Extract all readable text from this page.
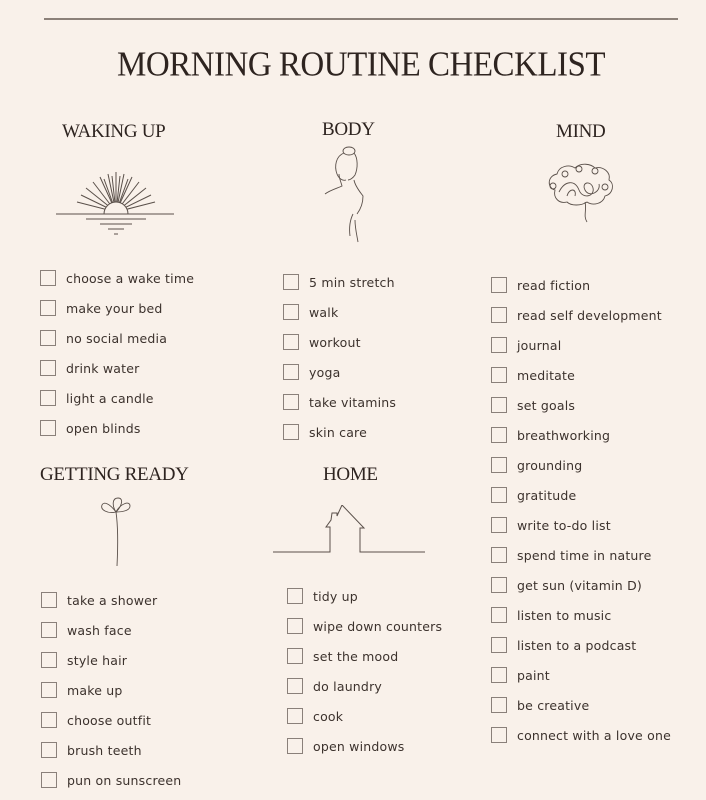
MORNING ROUTINE CHECKLIST
WAKING UP
choose a wake time
make your bed
no social media
drink water
light a candle
open blinds
BODY
5 min stretch
walk
workout
yoga
take vitamins
skin care
MIND
read fiction
read self development
journal
meditate
set goals
breathworking
grounding
gratitude
write to-do list
spend time in nature
get sun (vitamin D)
listen to music
listen to a podcast
paint
be creative
connect with a love one
GETTING READY
take a shower
wash face
style hair
make up
choose outfit
brush teeth
pun on sunscreen
HOME
tidy up
wipe down counters
set the mood
do laundry
cook
open windows
